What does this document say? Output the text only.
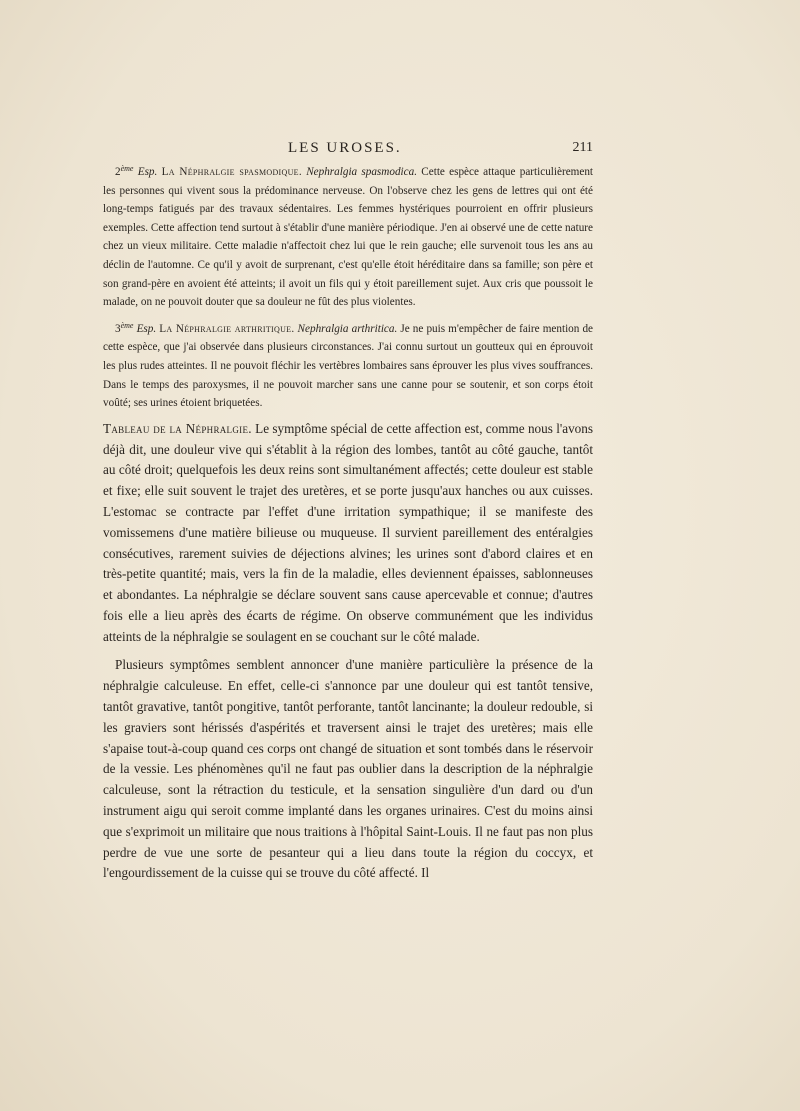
LES UROSES.	211

2ème Esp. La Néphralgie spasmodique. Nephralgia spasmodica. Cette espèce attaque particulièrement les personnes qui vivent sous la prédominance nerveuse. On l'observe chez les gens de lettres qui ont été long-temps fatigués par des travaux sédentaires. Les femmes hystériques pourroient en offrir plusieurs exemples. Cette affection tend surtout à s'établir d'une manière périodique. J'en ai observé une de cette nature chez un vieux militaire. Cette maladie n'affectoit chez lui que le rein gauche; elle survenoit tous les ans au déclin de l'automne. Ce qu'il y avoit de surprenant, c'est qu'elle étoit héréditaire dans sa famille; son père et son grand-père en avoient été atteints; il avoit un fils qui y étoit pareillement sujet. Aux cris que poussoit le malade, on ne pouvoit douter que sa douleur ne fût des plus violentes.

3ème Esp. La Néphralgie arthritique. Nephralgia arthritica. Je ne puis m'empêcher de faire mention de cette espèce, que j'ai observée dans plusieurs circonstances. J'ai connu surtout un goutteux qui en éprouvoit les plus rudes atteintes. Il ne pouvoit fléchir les vertèbres lombaires sans éprouver les plus vives souffrances. Dans le temps des paroxysmes, il ne pouvoit marcher sans une canne pour se soutenir, et son corps étoit voûté; ses urines étoient briquetées.

Tableau de la Néphralgie. Le symptôme spécial de cette affection est, comme nous l'avons déjà dit, une douleur vive qui s'établit à la région des lombes, tantôt au côté gauche, tantôt au côté droit; quelquefois les deux reins sont simultanément affectés; cette douleur est stable et fixe; elle suit souvent le trajet des uretères, et se porte jusqu'aux hanches ou aux cuisses. L'estomac se contracte par l'effet d'une irritation sympathique; il se manifeste des vomissemens d'une matière bilieuse ou muqueuse. Il survient pareillement des entéralgies consécutives, rarement suivies de déjections alvines; les urines sont d'abord claires et en très-petite quantité; mais, vers la fin de la maladie, elles deviennent épaisses, sablonneuses et abondantes. La néphralgie se déclare souvent sans cause apercevable et connue; d'autres fois elle a lieu après des écarts de régime. On observe communément que les individus atteints de la néphralgie se soulagent en se couchant sur le côté malade.

Plusieurs symptômes semblent annoncer d'une manière particulière la présence de la néphralgie calculeuse. En effet, celle-ci s'annonce par une douleur qui est tantôt tensive, tantôt gravative, tantôt pongitive, tantôt perforante, tantôt lancinante; la douleur redouble, si les graviers sont hérissés d'aspérités et traversent ainsi le trajet des uretères; mais elle s'apaise tout-à-coup quand ces corps ont changé de situation et sont tombés dans le réservoir de la vessie. Les phénomènes qu'il ne faut pas oublier dans la description de la néphralgie calculeuse, sont la rétraction du testicule, et la sensation singulière d'un dard ou d'un instrument aigu qui seroit comme implanté dans les organes urinaires. C'est du moins ainsi que s'exprimoit un militaire que nous traitions à l'hôpital Saint-Louis. Il ne faut pas non plus perdre de vue une sorte de pesanteur qui a lieu dans toute la région du coccyx, et l'engourdissement de la cuisse qui se trouve du côté affecté. Il
